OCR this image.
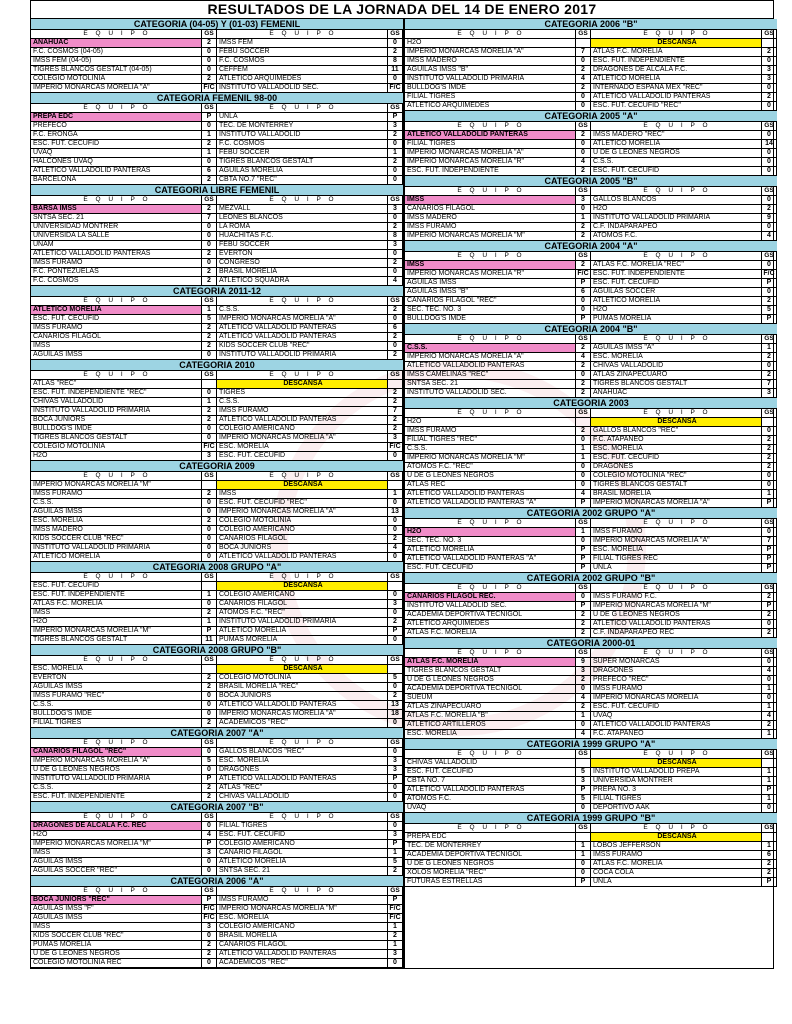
RESULTADOS DE LA JORNADA DEL 14 DE ENERO 2017
CATEGORIA (04-05) Y (01-03) FEMENIL
E Q U I P O	GS	E Q U I P O	GS
ANAHUAC	2	IMSS FEM	0
F.C. COSMOS (04-05)	0	FEBU SOCCER	2
IMSS FEM (04-05)	0	F.C. COSMOS	8
TIGRES BLANCOS GESTALT (04-05)	0	CEFFEM	11
COLEGIO MOTOLINIA	2	ATLETICO ARQUIMEDES	0
IMPERIO MONARCAS MORELIA "A"	F/C INSTITUTO VALLADOLID SEC.	F/C
CATEGORIA FEMENIL 98-00
E Q U I P O	GS	E Q U I P O	GS
PREPA EDC	P	UNLA	P
PREFECO	0	TEC. DE MONTERREY	3
F.C. ERONGA	1	INSTITUTO VALLADOLID	2
ESC. FUT. CECUFID	2	F.C. COSMOS	0
UVAQ	1	FEBU SOCCER	1
HALCONES UVAQ	0	TIGRES BLANCOS GESTALT	2
ATLETICO VALLADOLID PANTERAS	6	AGUILAS MORELIA	0
BARCELONA	2	CBTA NO.7 "REC"	0
CATEGORIA LIBRE FEMENIL
E Q U I P O	GS	E Q U I P O	GS
BARSA IMSS	2	MEZVALL	3
SNTSA SEC. 21	7	LEONES BLANCOS	0
UNIVERSIDAD MONTRER	0	LA ROMA	2
UNIVERSIDA LA SALLE	0	HUACHITAS F.C.	8
UNAM	0	FEBU SOCCER	3
ATLETICO VALLADOLID PANTERAS	2	EVERTON	0
IMSS FURAMO	0	CONGRESO	2
F.C. PONTEZUELAS	2	BRASIL MORELIA	0
F.C. COSMOS	2	ATLETICO SQUADRA	4
CATEGORIA 2011-12
E Q U I P O	GS	E Q U I P O	GS
ATLETICO MORELIA	1	C.S.S.	2
ESC. FUT. CECUFID	5	IMPERIO MONARCAS MORELIA "A"	0
IMSS FURAMO	2	ATLETICO VALLADOLID PANTERAS	6
CANARIOS FILAGOL	2	ATLETICO VALLADOLID PANTERAS	2
IMSS	2	KIDS SOCCER CLUB "REC"	0
AGUILAS IMSS	0	INSTITUTO VALLADOLID PRIMARIA	2
CATEGORIA 2010
E Q U I P O	GS	E Q U I P O	GS
ATLAS "REC"	DESCANSA
ESC. FUT. INDEPENDIENTE "REC"	0	TIGRES	2
CHIVAS VALLADOLID	1	C.S.S.	2
INSTITUTO VALLADOLID PRIMARIA	2	IMSS FURAMO	7
BOCA JUNIORS	2	ATLETICO VALLADOLID PANTERAS	2
BULLDOG'S IMDE	0	COLEGIO AMERICANO	2
TIGRES BLANCOS GESTALT	0	IMPERIO MONARCAS MORELIA "A"	3
COLEGIO MOTOLINIA	F/C ESC. MORELIA	F/C
H2O	3	ESC. FUT. CECUFID	0
CATEGORIA 2009
E Q U I P O	GS	E Q U I P O	GS
IMPERIO MONARCAS MORELIA "M"	DESCANSA
IMSS FURAMO	2	IMSS	1
C.S.S.	0	ESC. FUT. CECUFID "REC"	0
AGUILAS IMSS	0	IMPERIO MONARCAS MORELIA "A"	13
ESC. MORELIA	2	COLEGIO MOTOLINIA	0
IMSS MADERO	0	COLEGIO AMERICANO	0
KIDS SOCCER CLUB "REC"	0	CANARIOS FILAGOL	2
INSTITUTO VALLADOLID PRIMARIA	0	BOCA JUNIORS	4
ATLETICO MORELIA	0	ATLETICO VALLADOLID PANTERAS	0
CATEGORIA 2008 GRUPO "A"
E Q U I P O	GS	E Q U I P O	GS
ESC. FUT. CECUFID	DESCANSA
ESC. FUT. INDEPENDIENTE	1	COLEGIO AMERICANO	0
ATLAS F.C. MORELIA	0	CANARIOS FILAGOL	3
IMSS	2	ATOMOS F.C. "REC"	0
H2O	1	INSTITUTO VALLADOLID PRIMARIA	2
IMPERIO MONARCAS MORELIA "M"	P	ATLETICO MORELIA	P
TIGRES BLANCOS GESTALT	11 PUMAS MORELIA	0
CATEGORIA 2008 GRUPO "B"
E Q U I P O	GS	E Q U I P O	GS
ESC. MORELIA	DESCANSA
EVERTON	2	COLEGIO MOTOLINIA	5
AGUILAS IMSS	2	BRASIL MORELIA "REC"	0
IMSS FURAMO "REC"	0	BOCA JUNIORS	2
C.S.S.	0	ATLETICO VALLADOLID PANTERAS	13
BULLDOG'S IMDE	0	IMPERIO MONARCAS MORELIA "A"	18
FILIAL TIGRES	2	ACADEMICOS "REC"	0
CATEGORIA 2007 "A"
E Q U I P O	GS	E Q U I P O	GS
CANARIOS FILAGOL "REC"	0	GALLOS BLANCOS "REC"	0
IMPERIO MONARCAS MORELIA "A"	5	ESC. MORELIA	3
U DE G LEONES NEGROS	0	DRAGONES	3
INSTITUTO VALLADOLID PRIMARIA	P	ATLETICO VALLADOLID PANTERAS	P
C.S.S.	2	ATLAS "REC"	0
ESC. FUT. INDEPENDIENTE	2	CHIVAS VALLADOLID	0
CATEGORIA 2007 "B"
E Q U I P O	GS	E Q U I P O	GS
DRAGONES DE ALCALA F.C. REC	0	FILIAL TIGRES	0
H2O	4	ESC. FUT. CECUFID	3
IMPERIO MONARCAS MORELIA "M"	P	COLEGIO AMERICANO	P
IMSS	3	CANARIO FILAGOL	1
AGUILAS IMSS	0	ATLETICO MORELIA	5
AGUILAS SOCCER "REC"	0	SNTSA SEC. 21	2
CATEGORIA 2006 "A"
E Q U I P O	GS	E Q U I P O	GS
BOCA JUNIORS "REC"	P	IMSS FURAMO	P
AGUILAS IMSS "F"	F/C IMPERIO MONARCAS MORELIA "M"	F/C
AGUILAS IMSS	F/C ESC. MORELIA	F/C
IMSS	3	COLEGIO AMERICANO	1
KIDS SOCCER CLUB "REC"	0	BRASIL MORELIA	2
PUMAS MORELIA	2	CANARIOS FILAGOL	1
U DE G LEONES NEGROS	2	ATLETICO VALLADOLID PANTERAS	3
COLEGIO MOTOLINIA REC	0	ACADEMICOS "REC"	0
CATEGORIA 2006 "B"
E Q U I P O	GS	E Q U I P O	GS
H2O	DESCANSA
IMPERIO MONARCAS MORELIA "A"	7	ATLAS F.C. MORELIA	2
IMSS MADERO	0	ESC. FUT. INDEPENDIENTE	0
AGUILAS IMSS "B"	2	DRAGONES DE ALCALA F.C.	3
INSTITUTO VALLADOLID PRIMARIA	4	ATLETICO MORELIA	3
BULLDOG'S IMDE	2	INTERNADO ESPAÑA MEX "REC"	0
FILIAL TIGRES	0	ATLETICO VALLADOLID PANTERAS	2
ATLETICO ARQUIMEDES	0	ESC. FUT. CECUFID "REC"	0
CATEGORIA 2005 "A"
E Q U I P O	GS	E Q U I P O	GS
ATLETICO VALLADOLID PANTERAS	2	IMSS MADERO "REC"	0
FILIAL TIGRES	0	ATLETICO MORELIA	14
IMPERIO MONARCAS MORELIA "A"	0	U DE G LEONES NEGROS	0
IMPERIO MONARCAS MORELIA "R"	4	C.S.S.	0
ESC. FUT. INDEPENDIENTE	2	ESC. FUT. CECUFID	0
CATEGORIA 2005 "B"
E Q U I P O	GS	E Q U I P O	GS
IMSS	3	GALLOS BLANCOS	0
CANARIOS FILAGOL	0	H2O	2
IMSS MADERO	1	INSTITUTO VALLADOLID PRIMARIA	9
IMSS FURAMO	2	C.F. INDAPARAPEO	0
IMPERIO MONARCAS MORELIA "M"	2	ATOMOS F.C.	4
CATEGORIA 2004 "A"
E Q U I P O	GS	E Q U I P O	GS
IMSS	2	ATLAS F.C. MORELIA "REC"	0
IMPERIO MONARCAS MORELIA "R"	F/C ESC. FUT. INDEPENDIENTE	F/C
AGUILAS IMSS	P	ESC. FUT. CECUFID	P
AGUILAS IMSS "B"	6	AGUILAS SOCCER	0
CANARIOS FILAGOL "REC"	0	ATLETICO MORELIA	2
SEC. TEC. NO. 3	0	H2O	5
BULLDOG'S IMDE	P	PUMAS MORELIA	P
CATEGORIA 2004 "B"
E Q U I P O	GS	E Q U I P O	GS
C.S.S.	2	AGUILAS IMSS "A"	1
IMPERIO MONARCAS MORELIA "A"	4	ESC. MORELIA	2
ATLETICO VALLADOLID PANTERAS	2	CHIVAS VALLADOLID	0
IMSS CAMELINAS "REC"	0	ATLAS ZINAPECUARO	2
SNTSA SEC. 21	2	TIGRES BLANCOS GESTALT	7
INSTITUTO VALLADOLID SEC.	2	ANAHUAC	3
CATEGORIA 2003
E Q U I P O	GS	E Q U I P O	GS
H2O	DESCANSA
IMSS FURAMO	2	GALLOS BLANCOS "REC"	0
FILIAL TIGRES "REC"	0	F.C. ATAPANEO	2
C.S.S.	1	ESC. MORELIA	2
IMPERIO MONARCAS MORELIA "M"	1	ESC. FUT. CECUFID	2
ATOMOS F.C. "REC"	0	DRAGONES	2
U DE G LEONES NEGROS	0	COLEGIO MOTOLINIA "REC"	0
ATLAS REC	0	TIGRES BLANCOS GESTALT	0
ATLETICO VALLADOLID PANTERAS	4	BRASIL MORELIA	1
ATLETICO VALLADOLID PANTERAS "A"	P	IMPERIO MONARCAS MORELIA "A"	P
CATEGORIA 2002 GRUPO "A"
E Q U I P O	GS	E Q U I P O	GS
H2O	1	IMSS FURAMO	0
SEC. TEC. NO. 3	0	IMPERIO MONARCAS MORELIA "A"	7
ATLETICO MORELIA	P	ESC. MORELIA	P
ATLETICO VALLADOLID PANTERAS "A"	P	FILIAL TIGRES REC	P
ESC. FUT. CECUFID	P	UNLA	P
CATEGORIA 2002 GRUPO "B"
E Q U I P O	GS	E Q U I P O	GS
CANARIOS FILAGOL REC.	0	IMSS FURAMO F.C.	2
INSTITUTO VALLADOLID SEC.	P	IMPERIO MONARCAS MORELIA "M"	P
ACADEMIA DEPORTIVA TECNIGOL	2	U DE G LEONES NEGROS	2
ATLETICO ARQUIMEDES	2	ATLETICO VALLADOLID PANTERAS	0
ATLAS F.C. MORELIA	2	C.F. INDAPARAPEO REC	2
CATEGORIA 2000-01
E Q U I P O	GS	E Q U I P O	GS
ATLAS F.C. MORELIA	9	SUPER MONARCAS	0
TIGRES BLANCOS GESTALT	3	DRAGONES	4
U DE G LEONES NEGROS	2	PREFECO "REC"	0
ACADEMIA DEPORTIVA TECNIGOL	0	IMSS FURAMO	1
SUEUM	4	IMPERIO MONARCAS MORELIA	0
ATLAS ZINAPECUARO	2	ESC. FUT. CECUFID	1
ATLAS F.C. MORELIA "B"	1	UVAQ	4
ATLETICO ARTILLEROS	0	ATLETICO VALLADOLID PANTERAS	2
ESC. MORELIA	4	F.C. ATAPANEO	1
CATEGORIA 1999 GRUPO "A"
E Q U I P O	GS	E Q U I P O	GS
CHIVAS VALLADOLID	DESCANSA
ESC. FUT. CECUFID	5	INSTITUTO VALLADOLID PREPA	1
CBTA NO. 7	3	UNIVERSIDA MONTRER	1
ATLETICO VALLADOLID PANTERAS	P	PREPA NO. 3	P
ATOMOS F.C.	5	FILIAL TIGRES	1
UVAQ	0	DEPORTIVO AAK	0
CATEGORIA 1999 GRUPO "B"
E Q U I P O	GS	E Q U I P O	GS
PREPA EDC	DESCANSA
TEC. DE MONTERREY	1	LOBOS JEFFERSON	1
ACADEMIA DEPORTIVA TECNIGOL	1	IMSS FURAMO	6
U DE G LEONES NEGROS	0	ATLAS F.C. MORELIA	2
XOLOS MORELIA "REC"	0	COCA COLA	2
FUTURAS ESTRELLAS	P	UNLA	P
